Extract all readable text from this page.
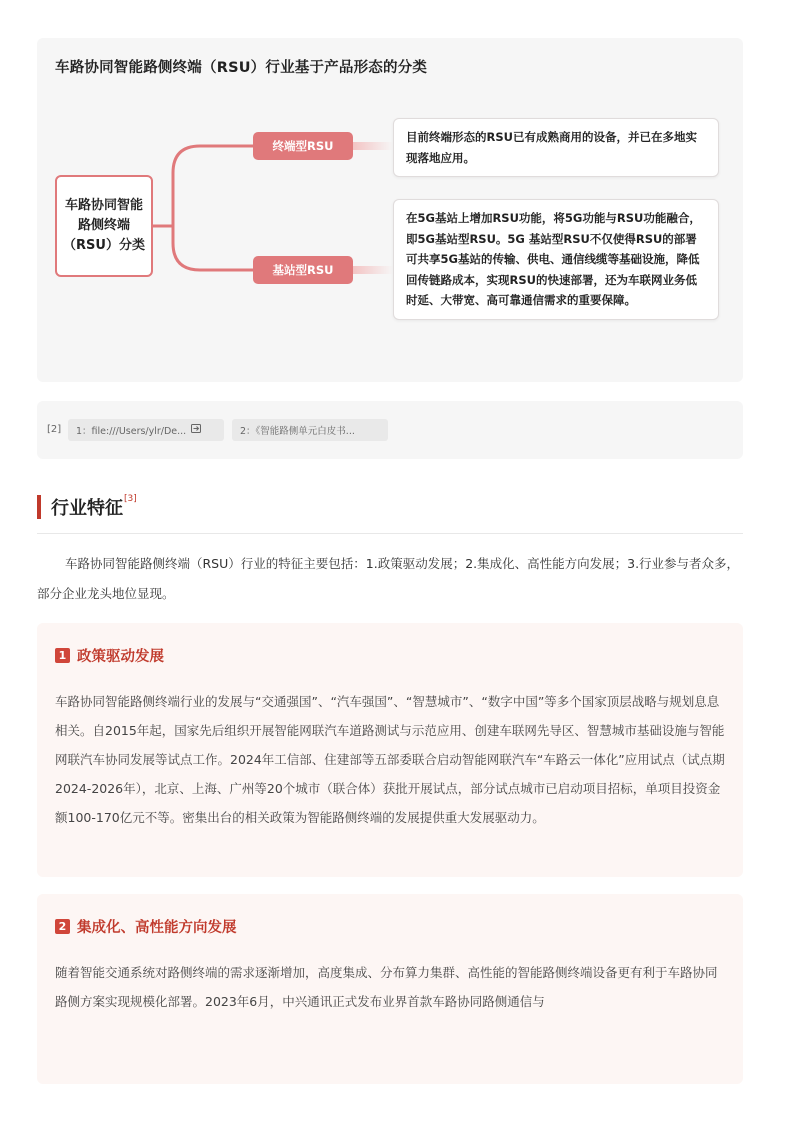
车路协同智能路侧终端（RSU）行业基于产品形态的分类
车路协同智能路侧终端（RSU）分类
终端型RSU
基站型RSU
目前终端形态的RSU已有成熟商用的设备，并已在多地实现落地应用。
在5G基站上增加RSU功能，将5G功能与RSU功能融合，即5G基站型RSU。5G 基站型RSU不仅使得RSU的部署可共享5G基站的传输、供电、通信线缆等基础设施，降低回传链路成本，实现RSU的快速部署，还为车联网业务低时延、大带宽、高可靠通信需求的重要保障。
[2] 1：file:///Users/ylr/De...	2：《智能路侧单元白皮书...
行业特征 [3]
车路协同智能路侧终端（RSU）行业的特征主要包括：1.政策驱动发展；2.集成化、高性能方向发展；3.行业参与者众多，部分企业龙头地位显现。
1 政策驱动发展
车路协同智能路侧终端行业的发展与“交通强国”、“汽车强国”、“智慧城市”、“数字中国”等多个国家顶层战略与规划息息相关。自2015年起，国家先后组织开展智能网联汽车道路测试与示范应用、创建车联网先导区、智慧城市基础设施与智能网联汽车协同发展等试点工作。2024年工信部、住建部等五部委联合启动智能网联汽车“车路云一体化”应用试点（试点期2024-2026年），北京、上海、广州等20个城市（联合体）获批开展试点，部分试点城市已启动项目招标，单项目投资金额100-170亿元不等。密集出台的相关政策为智能路侧终端的发展提供重大发展驱动力。
2 集成化、高性能方向发展
随着智能交通系统对路侧终端的需求逐渐增加，高度集成、分布算力集群、高性能的智能路侧终端设备更有利于车路协同路侧方案实现规模化部署。2023年6月，中兴通讯正式发布业界首款车路协同路侧通信与
